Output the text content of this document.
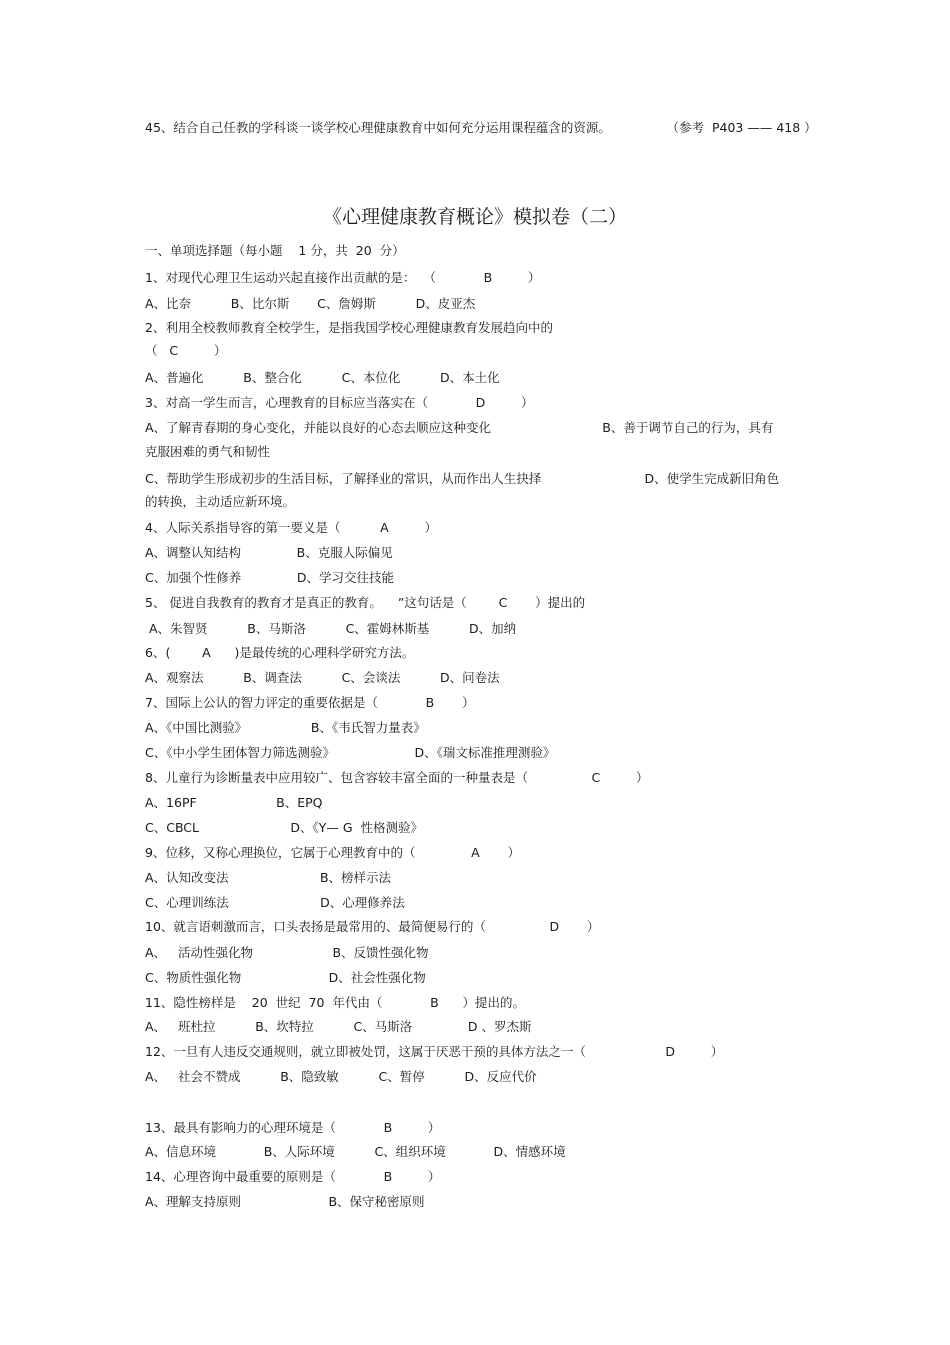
45、结合自己任教的学科谈一谈学校心理健康教育中如何充分运用课程蕴含的资源。              （参考  P403 —— 418 ）
《心理健康教育概论》模拟卷（二）
一、单项选择题（每小题    1 分，共  20  分）
1、对现代心理卫生运动兴起直接作出贡献的是：  （            B         ）
A、比奈          B、比尔斯       C、詹姆斯          D、皮亚杰
2、利用全校教师教育全校学生，是指我国学校心理健康教育发展趋向中的
（   C         ）
A、普遍化          B、整合化          C、本位化          D、本土化
3、对高一学生而言，心理教育的目标应当落实在（            D         ）
A、了解青春期的身心变化，并能以良好的心态去顺应这种变化                            B、善于调节自己的行为，具有
克服困难的勇气和韧性
C、帮助学生形成初步的生活目标，了解择业的常识，从而作出人生抉择                          D、使学生完成新旧角色
的转换，主动适应新环境。
4、人际关系指导容的第一要义是（          A         ）
A、调整认知结构              B、克服人际偏见
C、加强个性修养              D、学习交往技能
5、 促进自我教育的教育才是真正的教育。    ”这句话是（        C       ）提出的
A、朱智贤          B、马斯洛          C、霍姆林斯基          D、加纳
6、(        A      )是最传统的心理科学研究方法。
A、观察法          B、调查法          C、会谈法          D、问卷法
7、国际上公认的智力评定的重要依据是（            B       ）
A、《中国比测验》                B、《韦氏智力量表》
C、《中小学生团体智力筛选测验》                    D、《瑞文标准推理测验》
8、儿童行为诊断量表中应用较广、包含容较丰富全面的一种量表是（                C         ）
A、16PF                    B、EPQ
C、CBCL                       D、《Y— G  性格测验》
9、位移，又称心理换位，它属于心理教育中的（              A       ）
A、认知改变法                       B、榜样示法
C、心理训练法                       D、心理修养法
10、就言语刺激而言，口头表扬是最常用的、最简便易行的（                D       ）
A、   活动性强化物                    B、反馈性强化物
C、物质性强化物                      D、社会性强化物
11、隐性榜样是    20  世纪  70  年代由（            B      ）提出的。
A、   班杜拉          B、坎特拉          C、马斯洛              D 、罗杰斯
12、一旦有人违反交通规则，就立即被处罚，这属于厌恶干预的具体方法之一（                    D         ）
A、   社会不赞成          B、隐致敏          C、暂停          D、反应代价
13、最具有影响力的心理环境是（            B         ）
A、信息环境            B、人际环境          C、组织环境            D、情感环境
14、心理咨询中最重要的原则是（            B         ）
A、理解支持原则                      B、保守秘密原则
